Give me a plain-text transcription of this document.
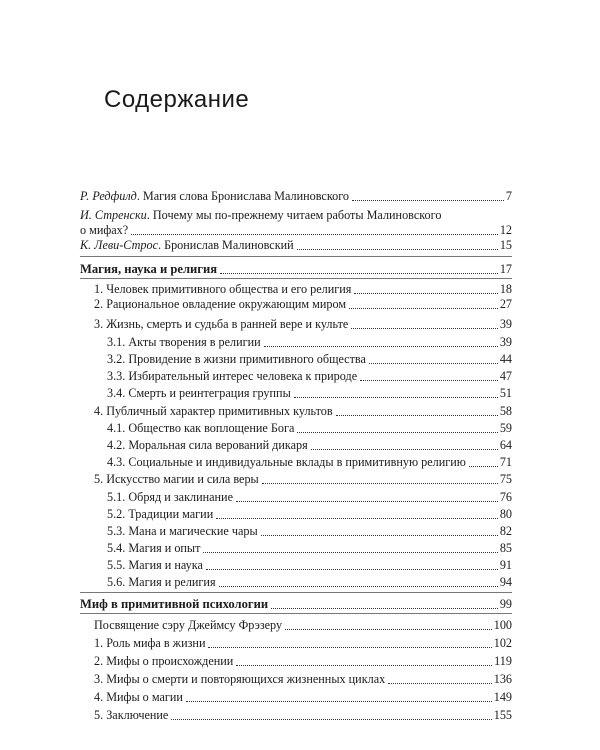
Содержание
Р. Редфилд. Магия слова Бронислава Малиновского	7
И. Стренски. Почему мы по-прежнему читаем работы Малиновского
о мифах?	12
К. Леви-Строс. Бронислав Малиновский	15
Магия, наука и религия	17
1. Человек примитивного общества и его религия	18
2. Рациональное овладение окружающим миром	27
3. Жизнь, смерть и судьба в ранней вере и культе	39
3.1. Акты творения в религии	39
3.2. Провидение в жизни примитивного общества	44
3.3. Избирательный интерес человека к природе	47
3.4. Смерть и реинтеграция группы	51
4. Публичный характер примитивных культов	58
4.1. Общество как воплощение Бога	59
4.2. Моральная сила верований дикаря	64
4.3. Социальные и индивидуальные вклады в примитивную религию	71
5. Искусство магии и сила веры	75
5.1. Обряд и заклинание	76
5.2. Традиции магии	80
5.3. Мана и магические чары	82
5.4. Магия и опыт	85
5.5. Магия и наука	91
5.6. Магия и религия	94
Миф в примитивной психологии	99
Посвящение сэру Джеймсу Фрэзеру	100
1. Роль мифа в жизни	102
2. Мифы о происхождении	119
3. Мифы о смерти и повторяющихся жизненных циклах	136
4. Мифы о магии	149
5. Заключение	155
